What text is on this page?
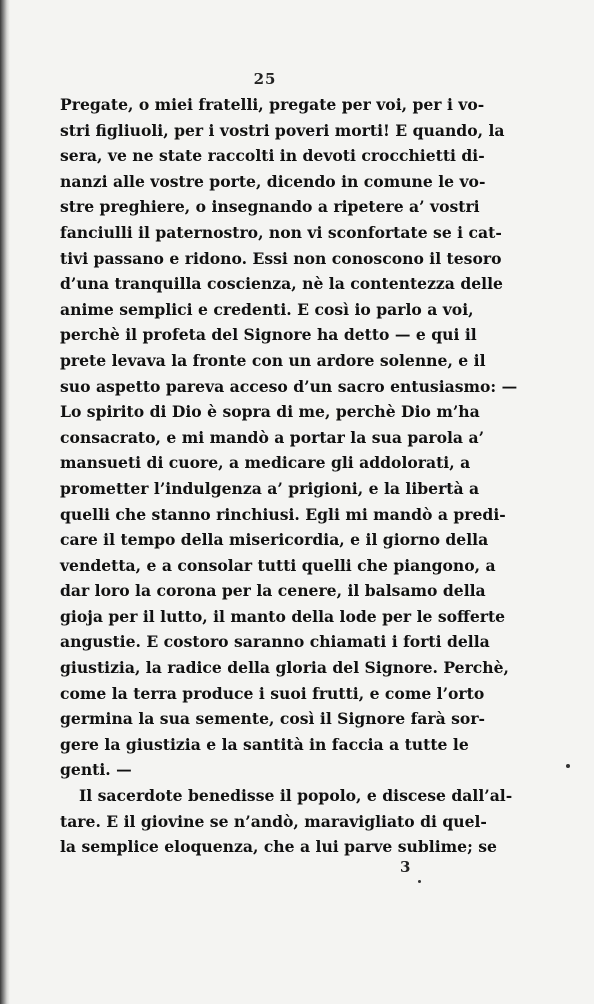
25
Pregate, o miei fratelli, pregate per voi, per i vo-
stri figliuoli, per i vostri poveri morti! E quando, la
sera, ve ne state raccolti in devoti crocchietti di-
nanzi alle vostre porte, dicendo in comune le vo-
stre preghiere, o insegnando a ripetere a’ vostri
fanciulli il paternostro, non vi sconfortate se i cat-
tivi passano e ridono. Essi non conoscono il tesoro
d’una tranquilla coscienza, nè la contentezza delle
anime semplici e credenti. E così io parlo a voi,
perchè il profeta del Signore ha detto — e qui il
prete levava la fronte con un ardore solenne, e il
suo aspetto pareva acceso d’un sacro entusiasmo: —
Lo spirito di Dio è sopra di me, perchè Dio m’ha
consacrato, e mi mandò a portar la sua parola a’
mansueti di cuore, a medicare gli addolorati, a
prometter l’indulgenza a’ prigioni, e la libertà a
quelli che stanno rinchiusi. Egli mi mandò a predi-
care il tempo della misericordia, e il giorno della
vendetta, e a consolar tutti quelli che piangono, a
dar loro la corona per la cenere, il balsamo della
gioja per il lutto, il manto della lode per le sofferte
angustie. E costoro saranno chiamati i forti della
giustizia, la radice della gloria del Signore. Perchè,
come la terra produce i suoi frutti, e come l’orto
germina la sua semente, così il Signore farà sor-
gere la giustizia e la santità in faccia a tutte le
genti. —
Il sacerdote benedisse il popolo, e discese dall’al-
tare. E il giovine se n’andò, maravigliato di quel-
la semplice eloquenza, che a lui parve sublime; se
3
